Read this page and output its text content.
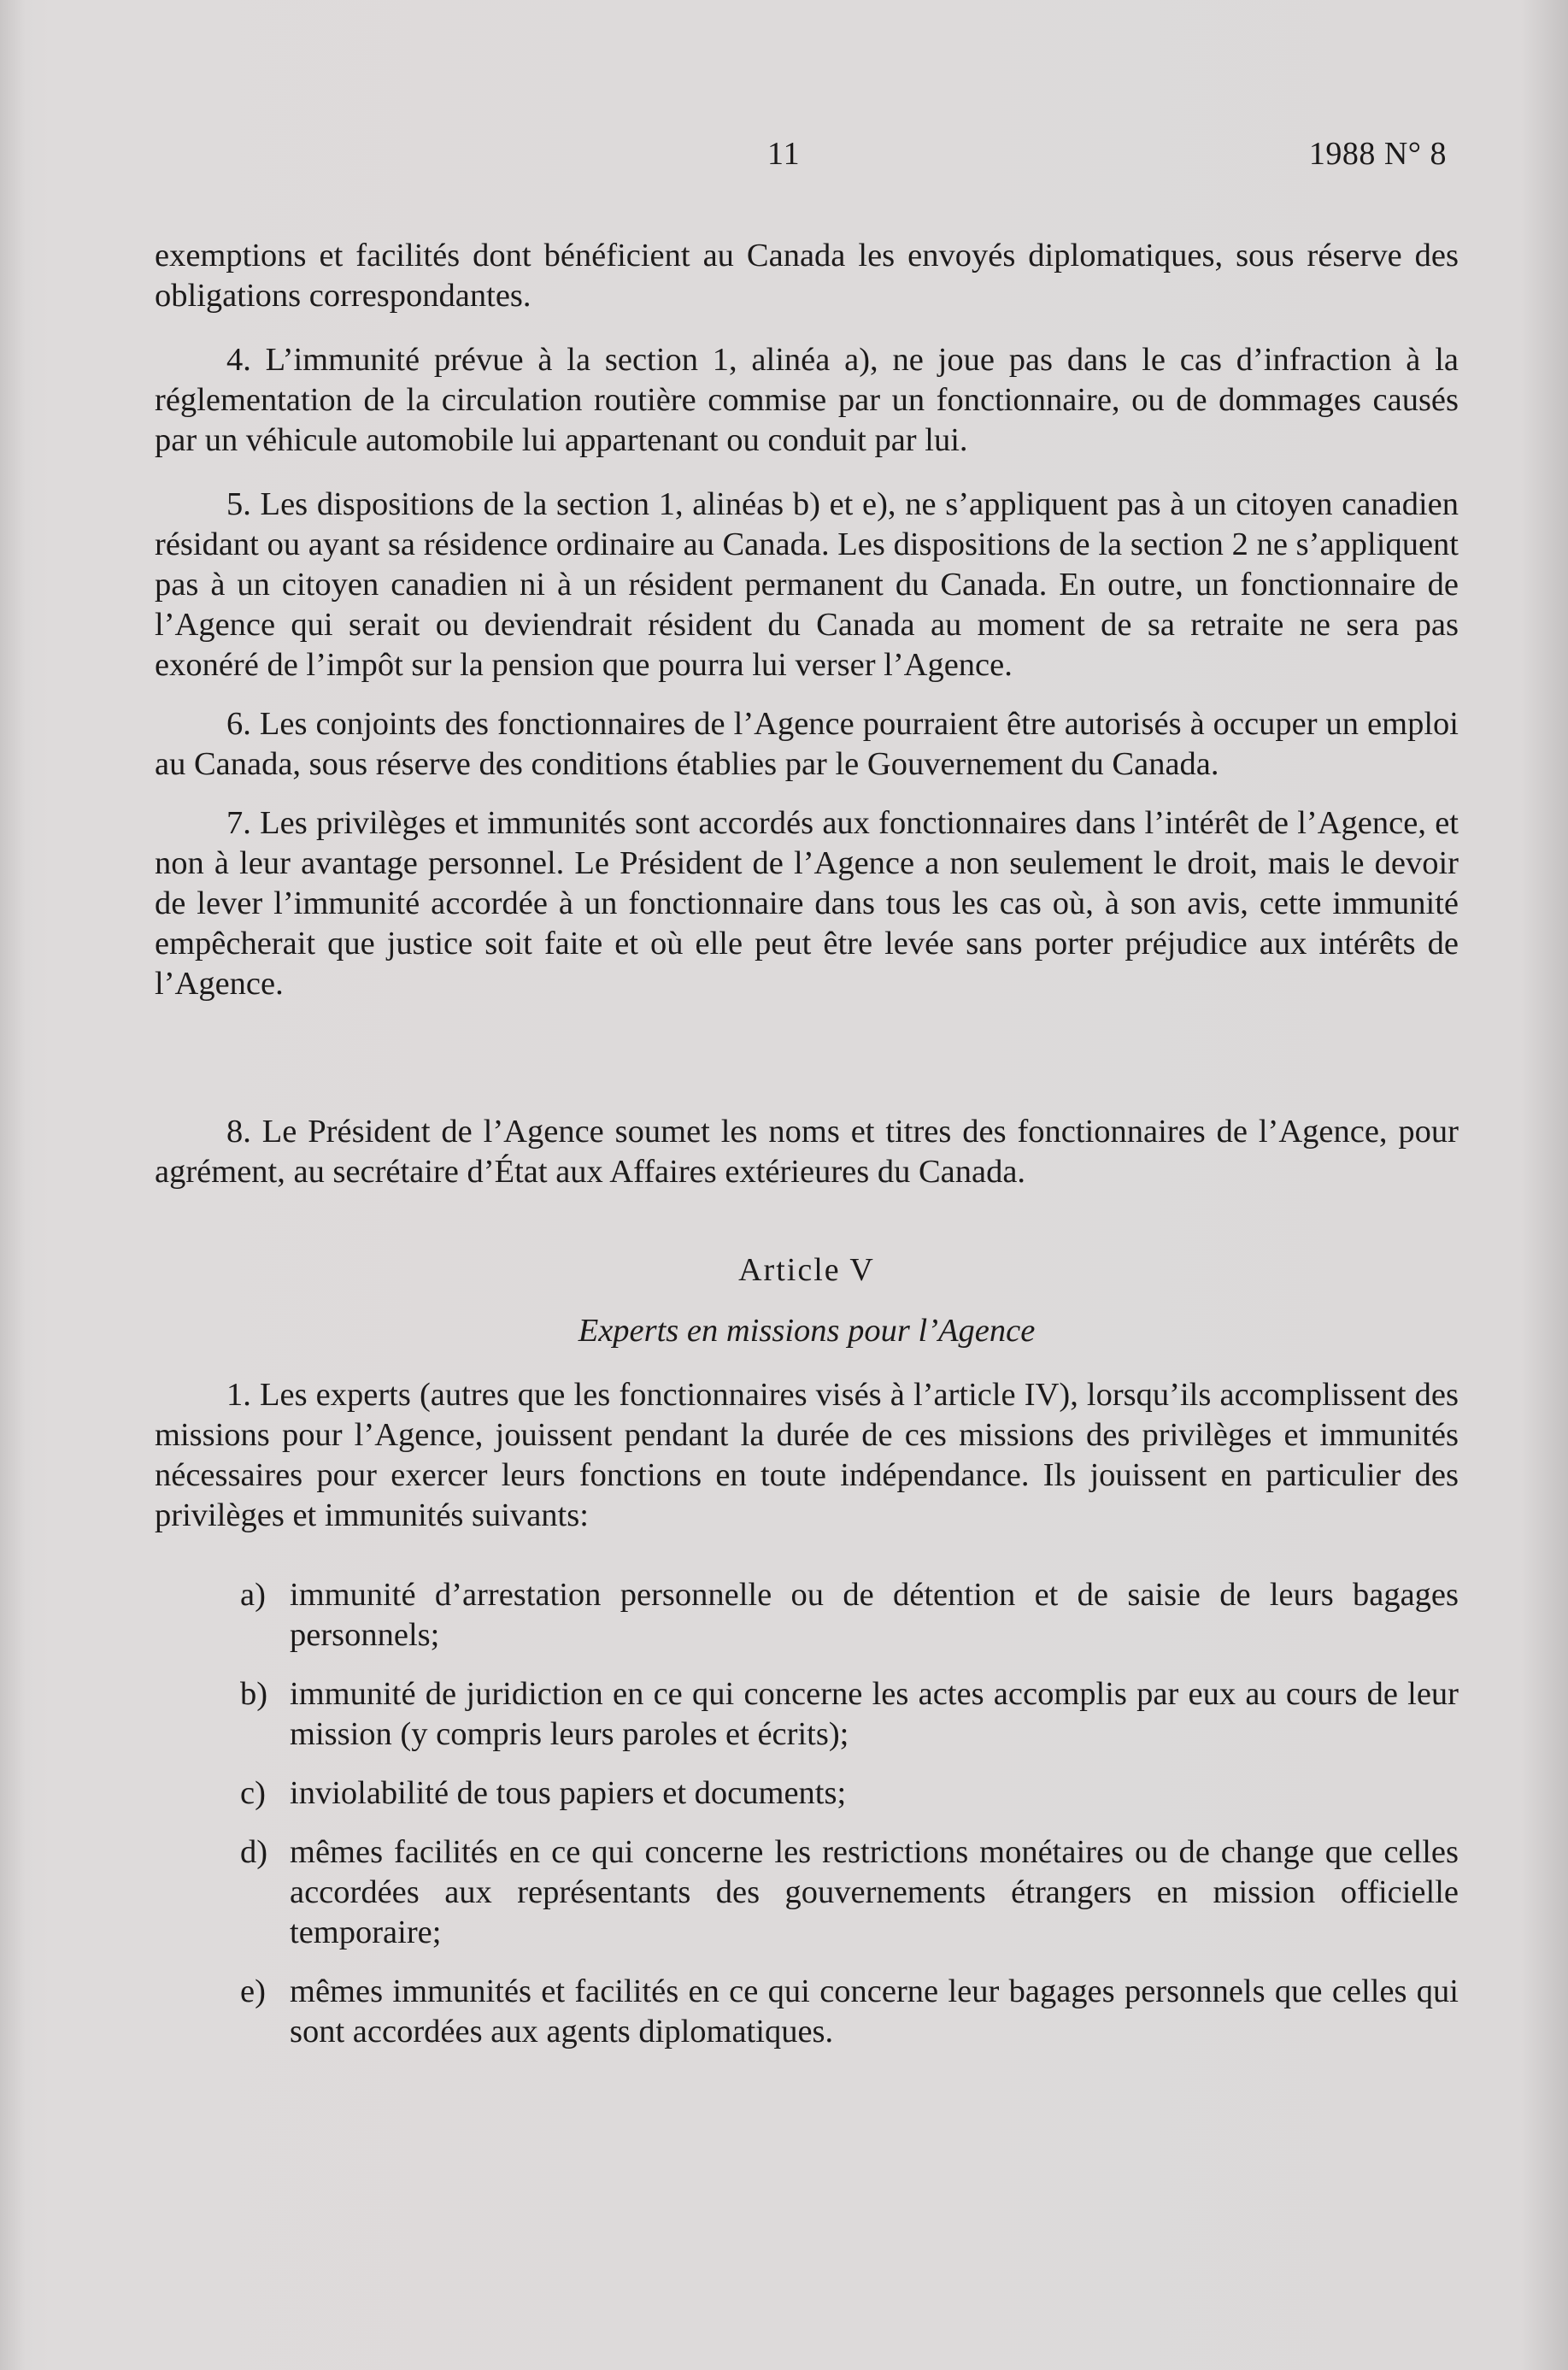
11	1988 N° 8

exemptions et facilités dont bénéficient au Canada les envoyés diplomatiques, sous réserve des obligations correspondantes.

4. L’immunité prévue à la section 1, alinéa a), ne joue pas dans le cas d’infraction à la réglementation de la circulation routière commise par un fonctionnaire, ou de dommages causés par un véhicule automobile lui appartenant ou conduit par lui.

5. Les dispositions de la section 1, alinéas b) et e), ne s’appliquent pas à un citoyen canadien résidant ou ayant sa résidence ordinaire au Canada. Les dispositions de la section 2 ne s’appliquent pas à un citoyen canadien ni à un résident permanent du Canada. En outre, un fonctionnaire de l’Agence qui serait ou deviendrait résident du Canada au moment de sa retraite ne sera pas exonéré de l’impôt sur la pension que pourra lui verser l’Agence.

6. Les conjoints des fonctionnaires de l’Agence pourraient être autorisés à occuper un emploi au Canada, sous réserve des conditions établies par le Gouvernement du Canada.

7. Les privilèges et immunités sont accordés aux fonctionnaires dans l’intérêt de l’Agence, et non à leur avantage personnel. Le Président de l’Agence a non seulement le droit, mais le devoir de lever l’immunité accordée à un fonctionnaire dans tous les cas où, à son avis, cette immunité empêcherait que justice soit faite et où elle peut être levée sans porter préjudice aux intérêts de l’Agence.

8. Le Président de l’Agence soumet les noms et titres des fonctionnaires de l’Agence, pour agrément, au secrétaire d’État aux Affaires extérieures du Canada.

Article V

Experts en missions pour l’Agence

1. Les experts (autres que les fonctionnaires visés à l’article IV), lorsqu’ils accomplissent des missions pour l’Agence, jouissent pendant la durée de ces missions des privilèges et immunités nécessaires pour exercer leurs fonctions en toute indépendance. Ils jouissent en particulier des privilèges et immunités suivants:

a) immunité d’arrestation personnelle ou de détention et de saisie de leurs bagages personnels;
b) immunité de juridiction en ce qui concerne les actes accomplis par eux au cours de leur mission (y compris leurs paroles et écrits);
c) inviolabilité de tous papiers et documents;
d) mêmes facilités en ce qui concerne les restrictions monétaires ou de change que celles accordées aux représentants des gouvernements étrangers en mission officielle temporaire;
e) mêmes immunités et facilités en ce qui concerne leur bagages personnels que celles qui sont accordées aux agents diplomatiques.
